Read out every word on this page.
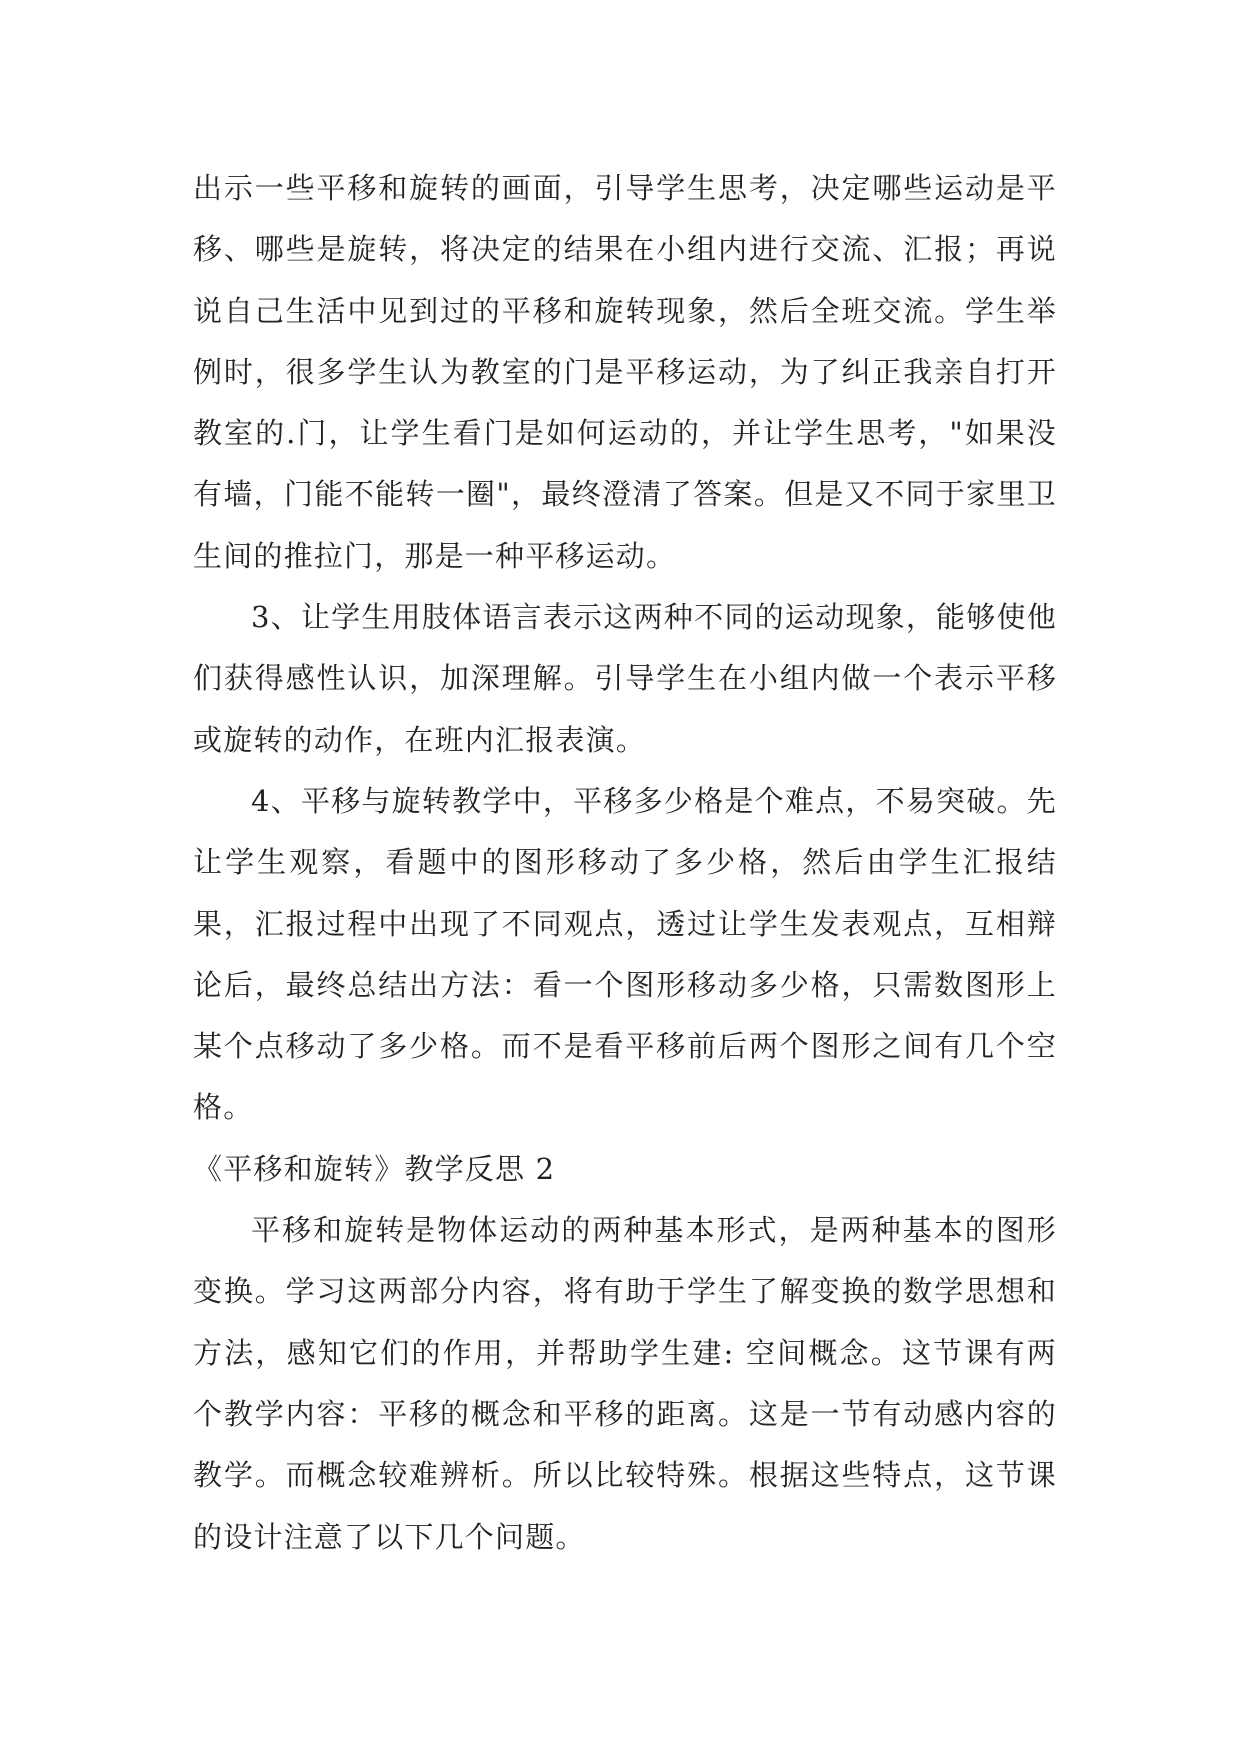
出示一些平移和旋转的画面，引导学生思考，决定哪些运动是平移、哪些是旋转，将决定的结果在小组内进行交流、汇报；再说说自己生活中见到过的平移和旋转现象，然后全班交流。学生举例时，很多学生认为教室的门是平移运动，为了纠正我亲自打开教室的.门，让学生看门是如何运动的，并让学生思考，"如果没有墙，门能不能转一圈"，最终澄清了答案。但是又不同于家里卫生间的推拉门，那是一种平移运动。

3、让学生用肢体语言表示这两种不同的运动现象，能够使他们获得感性认识，加深理解。引导学生在小组内做一个表示平移或旋转的动作，在班内汇报表演。

4、平移与旋转教学中，平移多少格是个难点，不易突破。先让学生观察，看题中的图形移动了多少格，然后由学生汇报结果，汇报过程中出现了不同观点，透过让学生发表观点，互相辩论后，最终总结出方法：看一个图形移动多少格，只需数图形上某个点移动了多少格。而不是看平移前后两个图形之间有几个空格。

《平移和旋转》教学反思 2

平移和旋转是物体运动的两种基本形式，是两种基本的图形变换。学习这两部分内容，将有助于学生了解变换的数学思想和方法，感知它们的作用，并帮助学生建: 空间概念。这节课有两个教学内容：平移的概念和平移的距离。这是一节有动感内容的教学。而概念较难辨析。所以比较特殊。根据这些特点，这节课的设计注意了以下几个问题。
